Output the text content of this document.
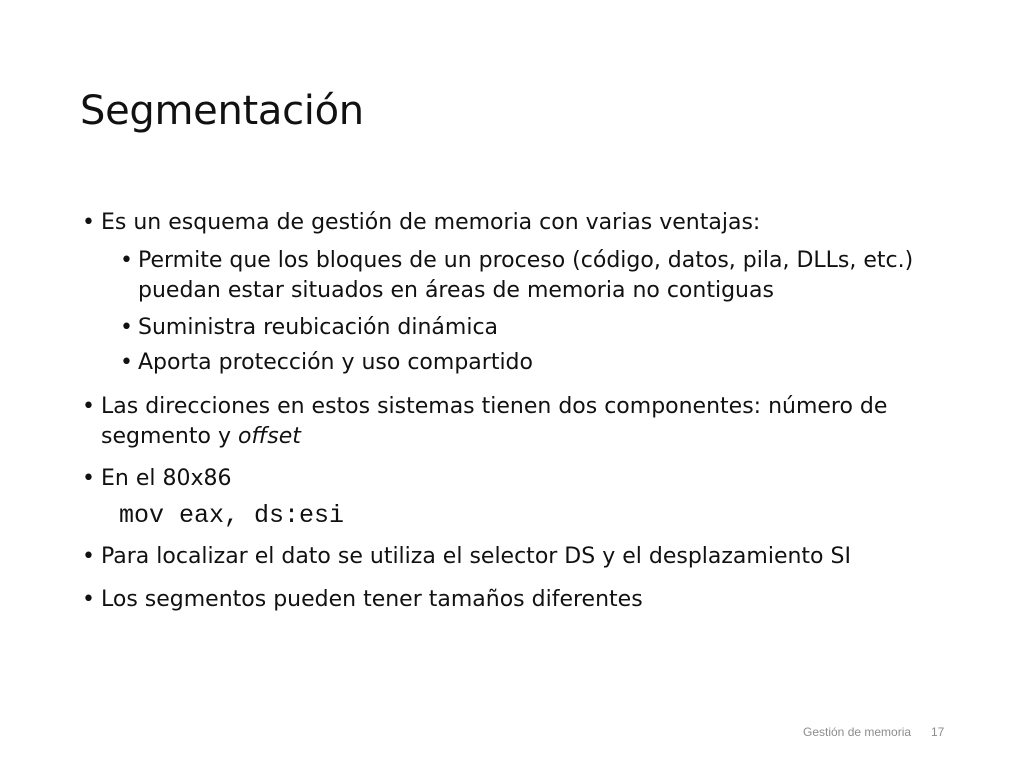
Segmentación
• Es un esquema de gestión de memoria con varias ventajas:
• Permite que los bloques de un proceso (código, datos, pila, DLLs, etc.)
puedan estar situados en áreas de memoria no contiguas
• Suministra reubicación dinámica
• Aporta protección y uso compartido
• Las direcciones en estos sistemas tienen dos componentes: número de
segmento y offset
• En el 80x86
mov eax, ds:esi
• Para localizar el dato se utiliza el selector DS y el desplazamiento SI
• Los segmentos pueden tener tamaños diferentes
Gestión de memoria 17
